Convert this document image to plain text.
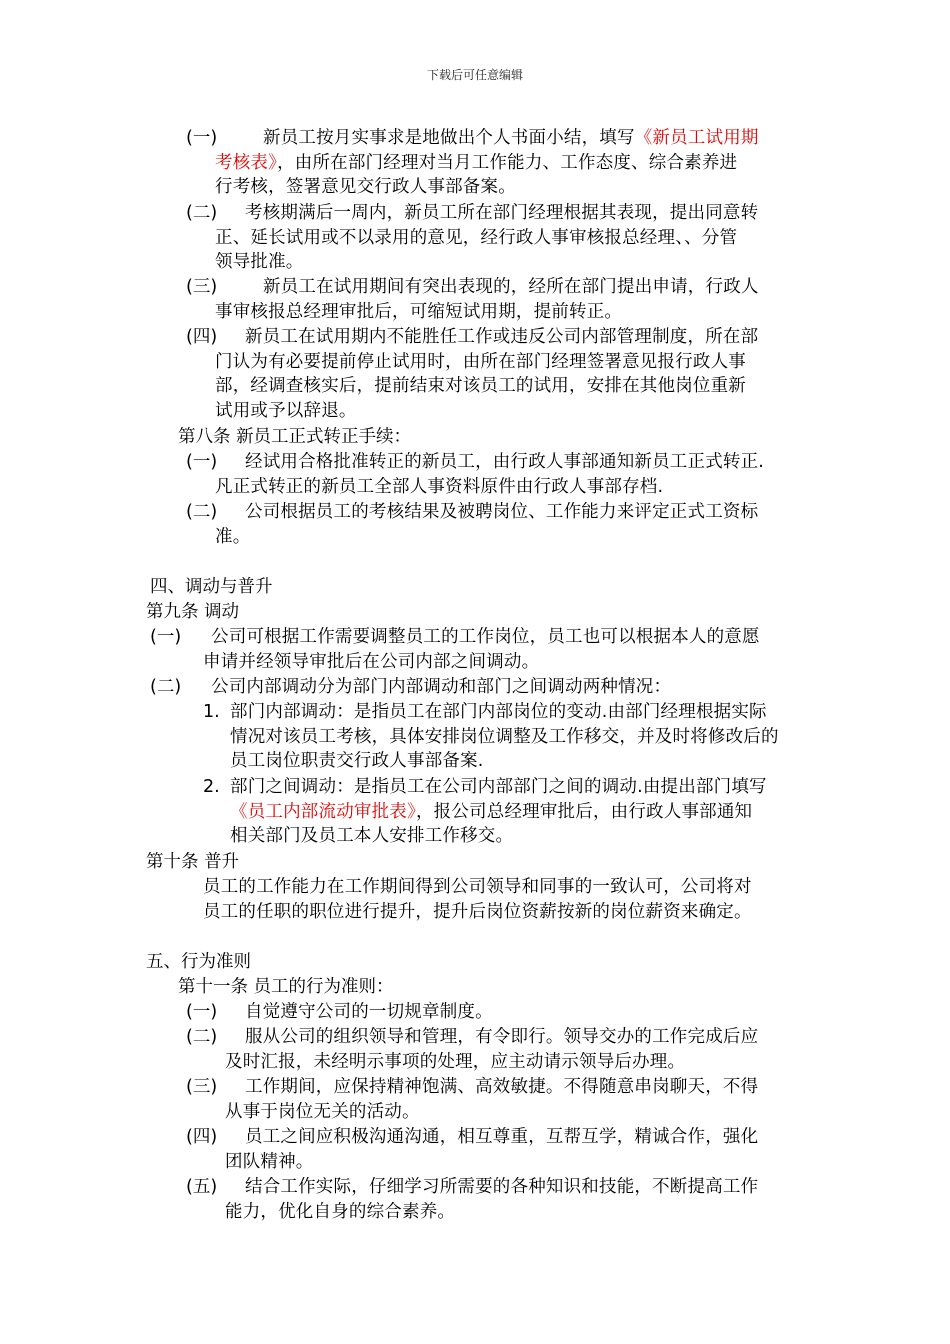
下载后可任意编辑
(一)	新员工按月实事求是地做出个人书面小结，填写《新员工试用期
考核表》，由所在部门经理对当月工作能力、工作态度、综合素养进
行考核，签署意见交行政人事部备案。
(二)	考核期满后一周内，新员工所在部门经理根据其表现，提出同意转
正、延长试用或不以录用的意见，经行政人事审核报总经理、、分管
领导批准。
(三)	新员工在试用期间有突出表现的，经所在部门提出申请，行政人
事审核报总经理审批后，可缩短试用期，提前转正。
(四)	新员工在试用期内不能胜任工作或违反公司内部管理制度，所在部
门认为有必要提前停止试用时，由所在部门经理签署意见报行政人事
部，经调查核实后，提前结束对该员工的试用，安排在其他岗位重新
试用或予以辞退。
第八条 新员工正式转正手续：
(一)	经试用合格批准转正的新员工，由行政人事部通知新员工正式转正.
凡正式转正的新员工全部人事资料原件由行政人事部存档.
(二)	公司根据员工的考核结果及被聘岗位、工作能力来评定正式工资标
准。
四、调动与普升
第九条 调动
(一)	公司可根据工作需要调整员工的工作岗位，员工也可以根据本人的意愿
申请并经领导审批后在公司内部之间调动。
(二) 公司内部调动分为部门内部调动和部门之间调动两种情况：
1. 部门内部调动：是指员工在部门内部岗位的变动.由部门经理根据实际
情况对该员工考核，具体安排岗位调整及工作移交，并及时将修改后的
员工岗位职责交行政人事部备案.
2. 部门之间调动：是指员工在公司内部部门之间的调动.由提出部门填写
《员工内部流动审批表》，报公司总经理审批后，由行政人事部通知
相关部门及员工本人安排工作移交。
第十条 普升
员工的工作能力在工作期间得到公司领导和同事的一致认可，公司将对
员工的任职的职位进行提升，提升后岗位资薪按新的岗位薪资来确定。
五、行为准则
第十一条 员工的行为准则：
(一) 自觉遵守公司的一切规章制度。
(二)	服从公司的组织领导和管理，有令即行。领导交办的工作完成后应
及时汇报，未经明示事项的处理，应主动请示领导后办理。
(三)	工作期间，应保持精神饱满、高效敏捷。不得随意串岗聊天，不得
从事于岗位无关的活动。
(四)	员工之间应积极沟通沟通，相互尊重，互帮互学，精诚合作，强化
团队精神。
(五)	结合工作实际，仔细学习所需要的各种知识和技能，不断提高工作
能力，优化自身的综合素养。
